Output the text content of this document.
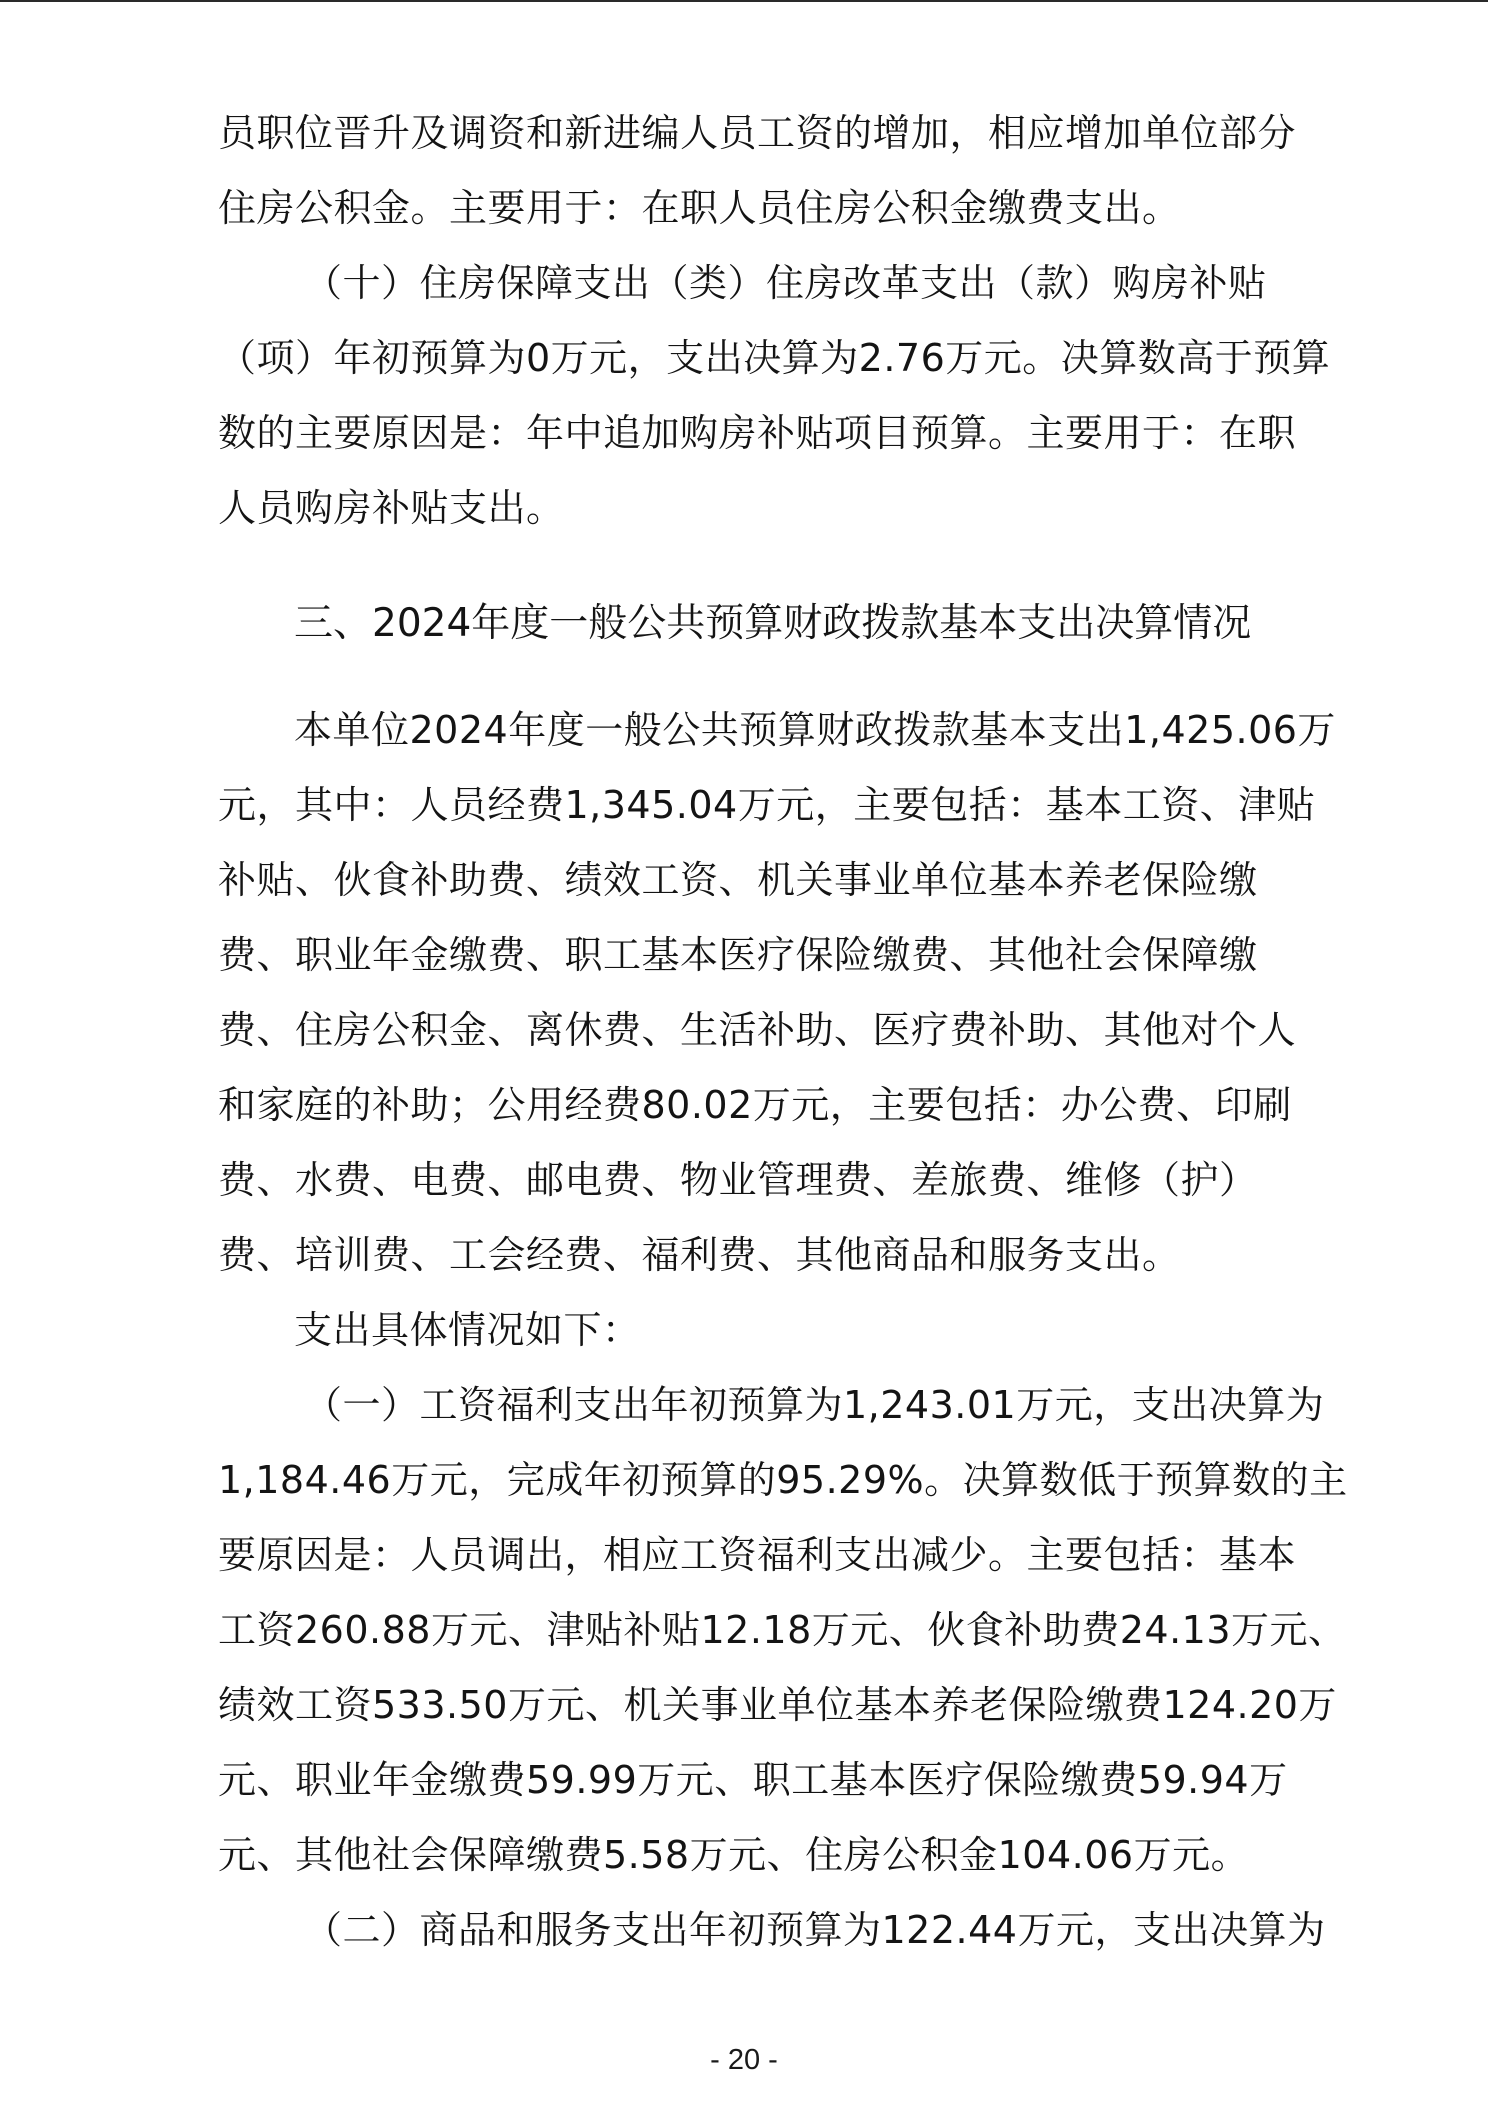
员职位晋升及调资和新进编人员工资的增加，相应增加单位部分
住房公积金。主要用于：在职人员住房公积金缴费支出。
（十）住房保障支出（类）住房改革支出（款）购房补贴
（项）年初预算为0万元，支出决算为2.76万元。决算数高于预算
数的主要原因是：年中追加购房补贴项目预算。主要用于：在职
人员购房补贴支出。
三、2024年度一般公共预算财政拨款基本支出决算情况
本单位2024年度一般公共预算财政拨款基本支出1,425.06万
元，其中：人员经费1,345.04万元，主要包括：基本工资、津贴
补贴、伙食补助费、绩效工资、机关事业单位基本养老保险缴
费、职业年金缴费、职工基本医疗保险缴费、其他社会保障缴
费、住房公积金、离休费、生活补助、医疗费补助、其他对个人
和家庭的补助；公用经费80.02万元，主要包括：办公费、印刷
费、水费、电费、邮电费、物业管理费、差旅费、维修（护）
费、培训费、工会经费、福利费、其他商品和服务支出。
支出具体情况如下：
（一）工资福利支出年初预算为1,243.01万元，支出决算为
1,184.46万元，完成年初预算的95.29%。决算数低于预算数的主
要原因是：人员调出，相应工资福利支出减少。主要包括：基本
工资260.88万元、津贴补贴12.18万元、伙食补助费24.13万元、
绩效工资533.50万元、机关事业单位基本养老保险缴费124.20万
元、职业年金缴费59.99万元、职工基本医疗保险缴费59.94万
元、其他社会保障缴费5.58万元、住房公积金104.06万元。
（二）商品和服务支出年初预算为122.44万元，支出决算为
- 20 -
